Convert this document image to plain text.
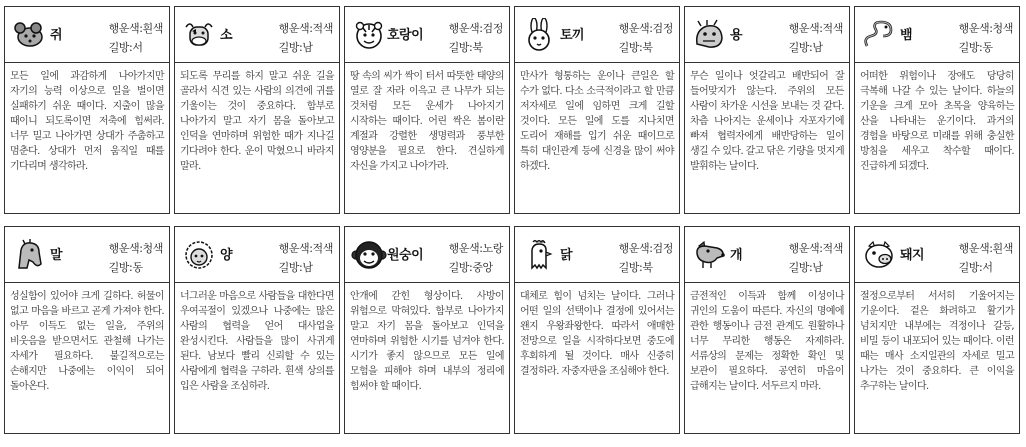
쥐	행운색:흰색
길방:서
모든 일에 과감하게 나아가지만 자기의 능력 이상으로 일을 벌이면 실패하기 쉬운 때이다. 지출이 많을 때이니 되도록이면 저축에 힘써라. 너무 밀고 나아가면 상대가 주춤하고 멈춘다. 상대가 먼저 움직일 때를 기다리며 생각하라.
소	행운색:적색
길방:남
되도록 무리를 하지 말고 쉬운 길을 골라서 식견 있는 사람의 의견에 귀를 기울이는 것이 중요하다. 함부로 나아가지 말고 자기 몸을 돌아보고 인덕을 연마하며 위험한 때가 지나길 기다려야 한다. 운이 막혔으니 바라지 말라.
호랑이 행운색:검정
길방:북
땅 속의 씨가 싹이 터서 따뜻한 태양의 열로 잘 자라 이윽고 큰 나무가 되는 것처럼 모든 운세가 나아지기 시작하는 때이다. 어린 싹은 봄이란 계절과 강렬한 생명력과 풍부한 영양분을 필요로 한다. 견실하게 자신을 가지고 나아가라.
토끼	행운색:검정
길방:북
만사가 형통하는 운이나 큰일은 할 수가 없다. 다소 소극적이라고 할 만큼 저자세로 일에 임하면 크게 길할 것이다. 모든 일에 도를 지나치면 도리어 재해를 입기 쉬운 때이므로 특히 대인관계 등에 신경을 많이 써야 하겠다.
용	행운색:적색
길방:남
무슨 일이나 엇갈리고 배반되어 잘 들어맞지가 않는다. 주위의 모든 사람이 차가운 시선을 보내는 것 같다. 차츰 나아지는 운세이나 자포자기에 빠져 협력자에게 배반당하는 일이 생길 수 있다. 갈고 닦은 기량을 멋지게 발휘하는 날이다.
뱀	행운색:청색
길방:동
어떠한 위험이나 장애도 당당히 극복해 나갈 수 있는 날이다. 하늘의 기운을 크게 모아 초목을 양육하는 산을 나타내는 운기이다. 과거의 경험을 바탕으로 미래를 위해 충실한 방침을 세우고 착수할 때이다. 진급하게 되겠다.
말	행운색:청색
길방:동
성실함이 있어야 크게 길하다. 허물이 없고 마음을 바르고 곧게 가져야 한다. 아무 이득도 없는 일을, 주위의 비웃음을 받으면서도 관철해 나가는 자세가 필요하다. 불길적으로는 손해지만 나중에는 이익이 되어 돌아온다.
양	행운색:적색
길방:남
너그러운 마음으로 사람들을 대한다면 우여곡절이 있겠으나 나중에는 많은 사람의 협력을 얻어 대사업을 완성시킨다. 사람들을 많이 사귀게 된다. 남보다 빨리 신뢰할 수 있는 사람에게 협력을 구하라. 흰색 상의를 입은 사람을 조심하라.
원숭이 행운색:노랑
길방:중앙
안개에 갇힌 형상이다. 사방이 위험으로 막혀있다. 함부로 나아가지 말고 자기 몸을 돌아보고 인덕을 연마하며 위험한 시기를 넘겨야 한다. 시기가 좋지 않으므로 모든 일에 모험을 피해야 하며 내부의 정리에 힘써야 할 때이다.
닭	행운색:검정
길방:북
대체로 힘이 넘치는 날이다. 그러나 어떤 일의 선택이나 결정에 있어서는 왠지 우왕좌왕한다. 따라서 애매한 전망으로 일을 시작하다보면 중도에 후회하게 될 것이다. 매사 신중히 결정하라. 자중자판을 조심해야 한다.
개	행운색:적색
길방:남
금전적인 이득과 함께 이성이나 귀인의 도움이 따른다. 자신의 명예에 관한 행동이나 금전 관계도 원활하나 너무 무리한 행동은 자제하라. 서류상의 문제는 정확한 확인 및 보관이 필요하다. 공연히 마음이 급해지는 날이다. 서두르지 마라.
돼지	행운색:흰색
길방:서
절정으로부터 서서히 기울어지는 기운이다. 겉은 화려하고 활기가 넘치지만 내부에는 걱정이나 갈등, 비밀 등이 내포되어 있는 때이다. 이런 때는 매사 소지일관의 자세로 밀고 나가는 것이 중요하다. 큰 이익을 추구하는 날이다.
